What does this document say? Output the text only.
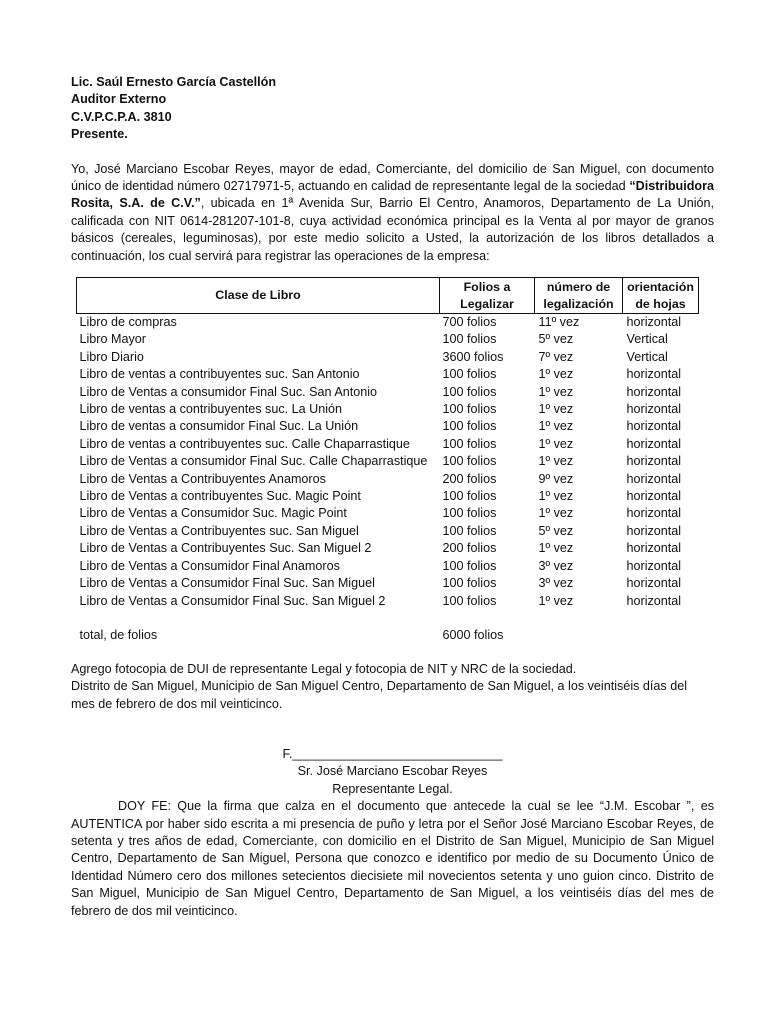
Lic. Saúl Ernesto García Castellón
Auditor Externo
C.V.P.C.P.A. 3810
Presente.
Yo, José Marciano Escobar Reyes, mayor de edad, Comerciante, del domicilio de San Miguel, con documento único de identidad número 02717971-5, actuando en calidad de representante legal de la sociedad “Distribuidora Rosita, S.A. de C.V.”, ubicada en 1ª Avenida Sur, Barrio El Centro, Anamoros, Departamento de La Unión, calificada con NIT 0614-281207-101-8, cuya actividad económica principal es la Venta al por mayor de granos básicos (cereales, leguminosas), por este medio solicito a Usted, la autorización de los libros detallados a continuación, los cual servirá para registrar las operaciones de la empresa:
Clase de Libro	Folios a Legalizar	número de legalización	orientación de hojas
Libro de compras	700 folios	11º vez	horizontal
Libro Mayor	100 folios	5º vez	Vertical
Libro Diario	3600 folios	7º vez	Vertical
Libro de ventas a contribuyentes suc. San Antonio	100 folios	1º vez	horizontal
Libro de Ventas a consumidor Final Suc. San Antonio	100 folios	1º vez	horizontal
Libro de ventas a contribuyentes suc. La Unión	100 folios	1º vez	horizontal
Libro de ventas a consumidor Final Suc. La Unión	100 folios	1º vez	horizontal
Libro de ventas a contribuyentes suc. Calle Chaparrastique	100 folios	1º vez	horizontal
Libro de Ventas a consumidor Final Suc. Calle Chaparrastique	100 folios	1º vez	horizontal
Libro de Ventas a Contribuyentes Anamoros	200 folios	9º vez	horizontal
Libro de Ventas a contribuyentes Suc. Magic Point	100 folios	1º vez	horizontal
Libro de Ventas a Consumidor Suc. Magic Point	100 folios	1º vez	horizontal
Libro de Ventas a Contribuyentes suc. San Miguel	100 folios	5º vez	horizontal
Libro de Ventas a Contribuyentes Suc. San Miguel 2	200 folios	1º vez	horizontal
Libro de Ventas a Consumidor Final Anamoros	100 folios	3º vez	horizontal
Libro de Ventas a Consumidor Final Suc. San Miguel	100 folios	3º vez	horizontal
Libro de Ventas a Consumidor Final Suc. San Miguel 2	100 folios	1º vez	horizontal

total, de folios	6000 folios		
Agrego fotocopia de DUI de representante Legal y fotocopia de NIT y NRC de la sociedad.
Distrito de San Miguel, Municipio de San Miguel Centro, Departamento de San Miguel, a los veintiséis días del mes de febrero de dos mil veinticinco.
F.______________________________
Sr. José Marciano Escobar Reyes
Representante Legal.
DOY FE: Que la firma que calza en el documento que antecede la cual se lee “J.M. Escobar ”, es AUTENTICA por haber sido escrita a mi presencia de puño y letra por el Señor José Marciano Escobar Reyes, de setenta y tres años de edad, Comerciante, con domicilio en el Distrito de San Miguel, Municipio de San Miguel Centro, Departamento de San Miguel, Persona que conozco e identifico por medio de su Documento Único de Identidad Número cero dos millones setecientos diecisiete mil novecientos setenta y uno guion cinco. Distrito de San Miguel, Municipio de San Miguel Centro, Departamento de San Miguel, a los veintiséis días del mes de febrero de dos mil veinticinco.
